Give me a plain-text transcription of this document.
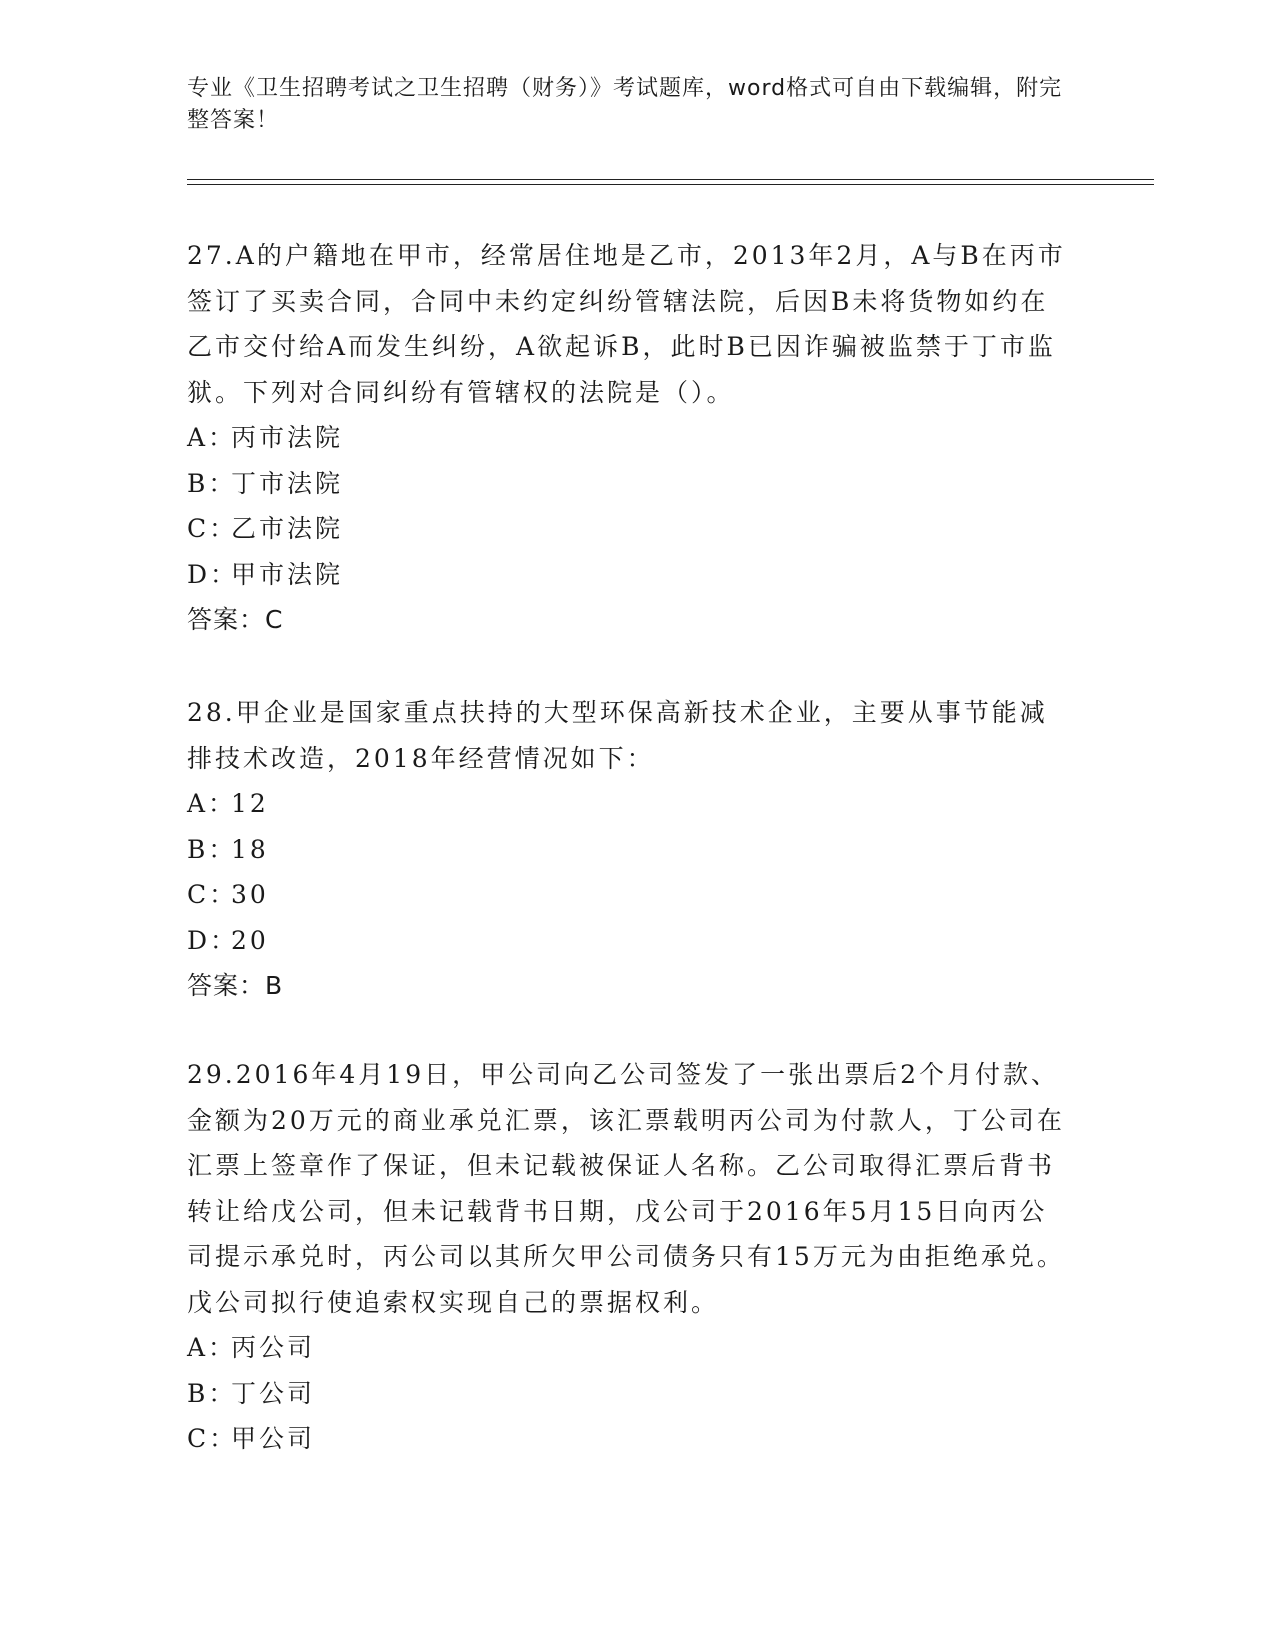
专业《卫生招聘考试之卫生招聘（财务）》考试题库，word格式可自由下载编辑，附完整答案！

27.A的户籍地在甲市，经常居住地是乙市，2013年2月，A与B在丙市签订了买卖合同，合同中未约定纠纷管辖法院，后因B未将货物如约在乙市交付给A而发生纠纷，A欲起诉B，此时B已因诈骗被监禁于丁市监狱。下列对合同纠纷有管辖权的法院是（）。

A：丙市法院
B：丁市法院
C：乙市法院
D：甲市法院

答案：C

28.甲企业是国家重点扶持的大型环保高新技术企业，主要从事节能减排技术改造，2018年经营情况如下：

A：12
B：18
C：30
D：20

答案：B

29.2016年4月19日，甲公司向乙公司签发了一张出票后2个月付款、金额为20万元的商业承兑汇票，该汇票载明丙公司为付款人，丁公司在汇票上签章作了保证，但未记载被保证人名称。乙公司取得汇票后背书转让给戊公司，但未记载背书日期，戊公司于2016年5月15日向丙公司提示承兑时，丙公司以其所欠甲公司债务只有15万元为由拒绝承兑。戊公司拟行使追索权实现自己的票据权利。

A：丙公司
B：丁公司
C：甲公司
